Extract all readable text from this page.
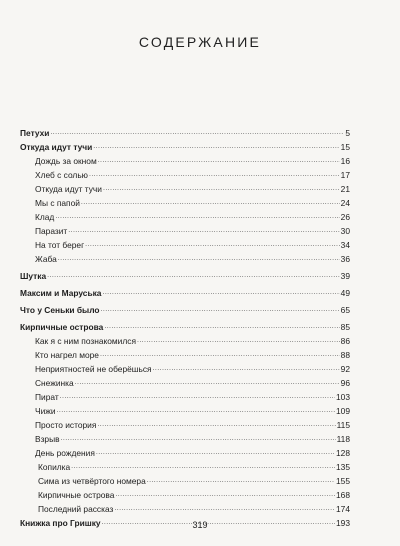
СОДЕРЖАНИЕ
Петухи .....	5
Откуда идут тучи .....	15
Дождь за окном .....	16
Хлеб с солью .....	17
Откуда идут тучи .....	21
Мы с папой .....	24
Клад .....	26
Паразит .....	30
На тот берег .....	34
Жаба .....	36
Шутка .....	39
Максим и Маруська .....	49
Что у Сеньки было .....	65
Кирпичные острова .....	85
Как я с ним познакомился .....	86
Кто нагрел море .....	88
Неприятностей не оберёшься .....	92
Снежинка .....	96
Пират .....	103
Чижи .....	109
Просто история .....	115
Взрыв .....	118
День рождения .....	128
Копилка .....	135
Сима из четвёртого номера .....	155
Кирпичные острова .....	168
Последний рассказ .....	174
Книжка про Гришку .....	193
319
